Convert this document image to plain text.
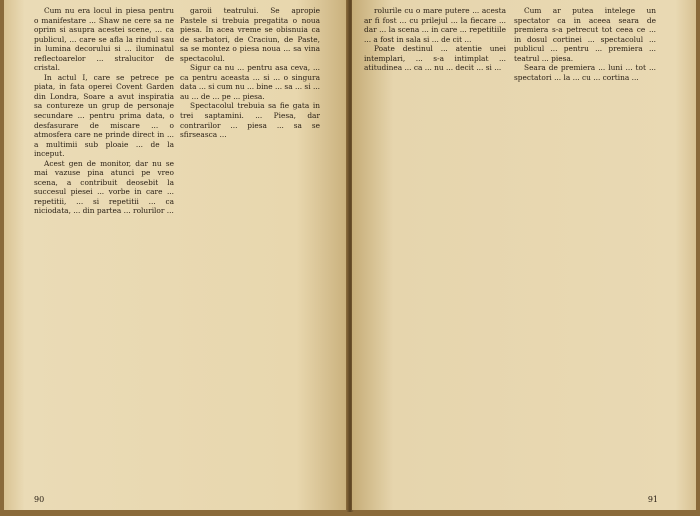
Cum nu era locul in piesa pentru o manifestare ... Shaw ne cere sa ne oprim si asupra acestei scene, ... ca publicul, ... care se afla la rindul sau in lumina decorului si ... iluminatul reflectoarelor ... stralucitor de cristal.

In actul I, care se petrece pe piata, in fata operei Covent Garden din Londra, Soare a avut inspiratia sa contureze un grup de personaje secundare ... pentru prima data, o desfasurare de miscare ... o atmosfera care ne prinde direct in ... a multimii sub ploaie ... de la inceput.

Acest gen de monitor, dar nu se mai vazuse pina atunci pe vreo scena, a contribuit deosebit la succesul piesei ... vorbe in care ... repetitii, ... si repetitii ... ca niciodata, ... din partea ... rolurilor ...

garoii teatrului. Se apropie Pastele si trebuia pregatita o noua piesa. In acea vreme se obisnuia ca de sarbatori, de Craciun, de Paste, sa se montez o piesa noua ... sa vina spectacolul.

Sigur ca nu ... pentru asa ceva, ... ca pentru aceasta ... si ... o singura data ... si cum nu ... bine ... sa ... si ... au ... de ... pe ... piesa.

Spectacolul trebuia sa fie gata in trei saptamini. ... Piesa, dar contrarilor ... piesa ... sa se sfirseasca ...

90

rolurile cu o mare putere ... acesta ar fi fost ... cu prilejul ... la fiecare ... dar ... la scena ... in care ... repetitiile ... a fost in sala si ... de cit ...

Poate destinul ... atentie unei intemplari, ... s-a intimplat ... atitudinea ... ca ... nu ... decit ... si ...

Cum ar putea intelege un spectator ca in aceea seara de premiera s-a petrecut tot ceea ce ... in dosul cortinei ... spectacolul ... publicul ... pentru ... premiera ... teatrul ... piesa.

Seara de premiera ... luni ... tot ... spectatori ... la ... cu ... cortina ...

91
